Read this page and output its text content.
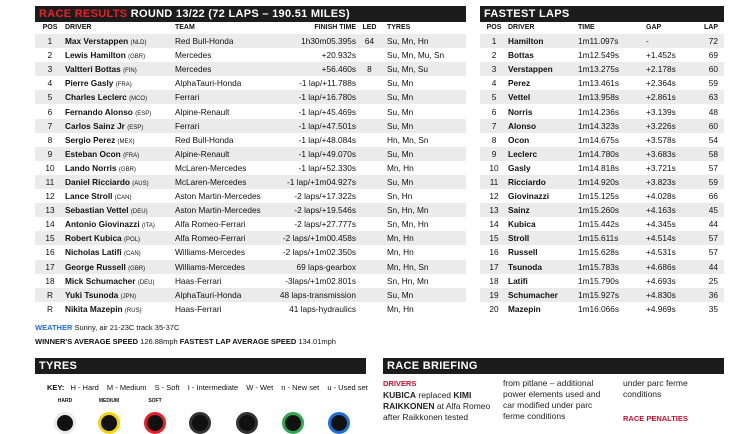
RACE RESULTS ROUND 13/22 (72 LAPS – 190.51 MILES)
POS	DRIVER	TEAM	FINISH TIME	LED	TYRES
1	Max Verstappen (NLD)	Red Bull-Honda	1h30m05.395s	64	Su, Mn, Hn
2	Lewis Hamilton (GBR)	Mercedes	+20.932s		Su, Mn, Mu, Sn
3	Valtteri Bottas (FIN)	Mercedes	+56.460s	8	Su, Mn, Su
4	Pierre Gasly (FRA)	AlphaTauri-Honda	-1 lap/+11.788s		Su, Mn
5	Charles Leclerc (MCO)	Ferrari	-1 lap/+16.780s		Su, Mn
6	Fernando Alonso (ESP)	Alpine-Renault	-1 lap/+45.469s		Su, Mn
7	Carlos Sainz Jr (ESP)	Ferrari	-1 lap/+47.501s		Su, Mn
8	Sergio Perez (MEX)	Red Bull-Honda	-1 lap/+48.084s		Hn, Mn, Sn
9	Esteban Ocon (FRA)	Alpine-Renault	-1 lap/+49.070s		Su, Mn
10	Lando Norris (GBR)	McLaren-Mercedes	-1 lap/+52.330s		Mn, Hn
11	Daniel Ricciardo (AUS)	McLaren-Mercedes	-1 lap/+1m04.927s		Su, Mn
12	Lance Stroll (CAN)	Aston Martin-Mercedes	-2 laps/+17.322s		Sn, Hn
13	Sebastian Vettel (DEU)	Aston Martin-Mercedes	-2 laps/+19.546s		Sn, Hn, Mn
14	Antonio Giovinazzi (ITA)	Alfa Romeo-Ferrari	-2 laps/+27.777s		Sn, Mn, Hn
15	Robert Kubica (POL)	Alfa Romeo-Ferrari	-2 laps/+1m00.458s		Mn, Hn
16	Nicholas Latifi (CAN)	Williams-Mercedes	-2 laps/+1m02.350s		Mn, Hn
17	George Russell (GBR)	Williams-Mercedes	69 laps-gearbox		Mn, Hn, Sn
18	Mick Schumacher (DEU)	Haas-Ferrari	-3laps/+1m02.801s		Sn, Hn, Mn
R	Yuki Tsunoda (JPN)	AlphaTauri-Honda	48 laps-transmission		Su, Mn
R	Nikita Mazepin (RUS)	Haas-Ferrari	41 laps-hydraulics		Mn, Hn
WEATHER Sunny, air 21-23C track 35-37C
WINNER'S AVERAGE SPEED 126.88mph FASTEST LAP AVERAGE SPEED 134.01mph
FASTEST LAPS
POS	DRIVER	TIME	GAP	LAP
1	Hamilton	1m11.097s	-	72
2	Bottas	1m12.549s	+1.452s	69
3	Verstappen	1m13.275s	+2.178s	60
4	Perez	1m13.461s	+2.364s	59
5	Vettel	1m13.958s	+2.861s	63
6	Norris	1m14.236s	+3.139s	48
7	Alonso	1m14.323s	+3.226s	60
8	Ocon	1m14.675s	+3.578s	54
9	Leclerc	1m14.780s	+3.683s	58
10	Gasly	1m14.818s	+3.721s	57
11	Ricciardo	1m14.920s	+3.823s	59
12	Giovinazzi	1m15.125s	+4.028s	66
13	Sainz	1m15.260s	+4.163s	45
14	Kubica	1m15.442s	+4.345s	44
15	Stroll	1m15.611s	+4.514s	57
16	Russell	1m15.628s	+4.531s	57
17	Tsunoda	1m15.783s	+4.686s	44
18	Latifi	1m15.790s	+4.693s	25
19	Schumacher	1m15.927s	+4.830s	36
20	Mazepin	1m16.066s	+4.969s	35
TYRES
KEY: H - Hard M - Medium S - Soft I - Intermediate W - Wet n - New set u - Used set
HARD	MEDIUM	SOFT
RACE BRIEFING
DRIVERS
KUBICA replaced KIMI RAIKKONEN at Alfa Romeo after Raikkonen tested
from pitlane – additional power elements used and car modified under parc ferme conditions
under parc ferme conditions
RACE PENALTIES
